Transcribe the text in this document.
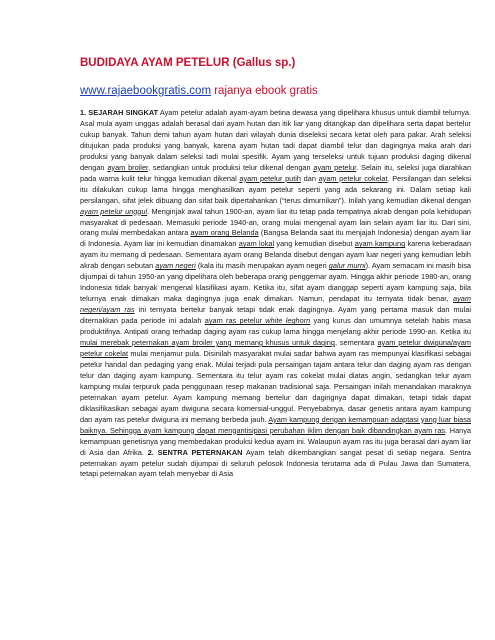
BUDIDAYA AYAM PETELUR (Gallus sp.)
www.rajaebookgratis.com rajanya ebook gratis

1. SEJARAH SINGKAT Ayam petelur adalah ayam-ayam betina dewasa yang dipelihara khusus untuk diambil telurnya. Asal mula ayam unggas adalah berasal dari ayam hutan dan itik liar yang ditangkap dan dipelihara serta dapat bertelur cukup banyak. Tahun demi tahun ayam hutan dari wilayah dunia diseleksi secara ketat oleh para pakar. Arah seleksi ditujukan pada produksi yang banyak, karena ayam hutan tadi dapat diambil telur dan dagingnya maka arah dari produksi yang banyak dalam seleksi tadi mulai spesifik. Ayam yang terseleksi untuk tujuan produksi daging dikenal dengan ayam broiler, sedangkan untuk produksi telur dikenal dengan ayam petelur. Selain itu, seleksi juga diarahkan pada warna kulit telur hingga kemudian dikenal ayam petelur putih dan ayam petelur cokelat. Persilangan dan seleksi itu dilakukan cukup lama hingga menghasilkan ayam petelur seperti yang ada sekarang ini. Dalam setiap kali persilangan, sifat jelek dibuang dan sifat baik dipertahankan (“terus dimurnikan”). Inilah yang kemudian dikenal dengan ayam petelur unggul. Menginjak awal tahun 1900-an, ayam liar itu tetap pada tempatnya akrab dengan pola kehidupan masyarakat di pedesaan. Memasuki periode 1940-an, orang mulai mengenal ayam lain selain ayam liar itu. Dari sini, orang mulai membedakan antara ayam orang Belanda (Bangsa Belanda saat itu menjajah Indonesia) dengan ayam liar di Indonesia. Ayam liar ini kemudian dinamakan ayam lokal yang kemudian disebut ayam kampung karena keberadaan ayam itu memang di pedesaan. Sementara ayam orang Belanda disebut dengan ayam luar negeri yang kemudian lebih akrab dengan sebutan ayam negeri (kala itu masih merupakan ayam negeri galur murni). Ayam semacam ini masih bisa dijumpai di tahun 1950-an yang dipelihara oleh beberapa orang penggemar ayam. Hingga akhir periode 1980-an, orang Indonesia tidak banyak mengenal klasifikasi ayam. Ketika itu, sifat ayam dianggap seperti ayam kampung saja, bila telurnya enak dimakan maka dagingnya juga enak dimakan. Namun, pendapat itu ternyata tidak benar, ayam negeri/ayam ras ini ternyata bertelur banyak tetapi tidak enak dagingnya. Ayam yang pertama masuk dan mulai diternakkan pada periode ini adalah ayam ras petelur white leghorn yang kurus dan umumnya setelah habis masa produktifnya. Antipati orang terhadap daging ayam ras cukup lama hingga menjelang akhir periode 1990-an. Ketika itu mulai merebak peternakan ayam broiler yang memang khusus untuk daging, sementara ayam petelur dwiguna/ayam petelur cokelat mulai menjamur pula. Disinilah masyarakat mulai sadar bahwa ayam ras mempunyai klasifikasi sebagai petelur handal dan pedaging yang enak. Mulai terjadi pula persaingan tajam antara telur dan daging ayam ras dengan telur dan daging ayam kampung. Sementara itu telur ayam ras cokelat mulai diatas angin, sedangkan telur ayam kampung mulai terpuruk pada penggunaan resep makanan tradisional saja. Persaingan inilah menandakan maraknya peternakan ayam petelur. Ayam kampung memang bertelur dan dagingnya dapat dimakan, tetapi tidak dapat diklasifikasikan sebagai ayam dwiguna secara komersial-unggul. Penyebabnya, dasar genetis antara ayam kampung dan ayam ras petelur dwiguna ini memang berbeda jauh. Ayam kampung dengan kemampuan adaptasi yang luar biasa baiknya. Sehingga ayam kampung dapat mengantisipasi perubahan iklim dengan baik dibandingkan ayam ras. Hanya kemampuan genetisnya yang membedakan produksi kedua ayam ini. Walaupun ayam ras itu juga berasal dari ayam liar di Asia dan Afrika. 2. SENTRA PETERNAKAN Ayam telah dikembangkan sangat pesat di setiap negara. Sentra peternakan ayam petelur sudah dijumpai di seluruh pelosok Indonesia terutama ada di Pulau Jawa dan Sumatera, tetapi peternakan ayam telah menyebar di Asia
